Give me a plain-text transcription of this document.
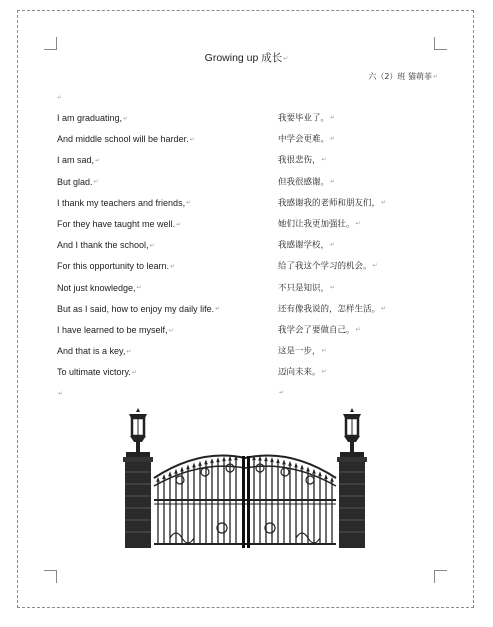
Growing up 成长↵
六（2）班 猫萌菲↵
↵
I am graduating,↵
And middle school will be harder.↵
I am sad,↵
But glad.↵
I thank my teachers and friends,↵
For they have taught me well.↵
And I thank the school,↵
For this opportunity to learn.↵
Not just knowledge,↵
But as I said, how to enjoy my daily life.↵
I have learned to be myself,↵
And that is a key,↵
To ultimate victory.↵
↵
我要毕业了。↵
中学会更难。↵
我很悲伤，↵
但我很感谢。↵
我感谢我的老师和朋友们，↵
她们让我更加强壮。↵
我感谢学校，↵
给了我这个学习的机会。↵
不只是知识，↵
还有像我说的，怎样生活。↵
我学会了要做自己。↵
这是一步，↵
迈向未来。↵
↵
